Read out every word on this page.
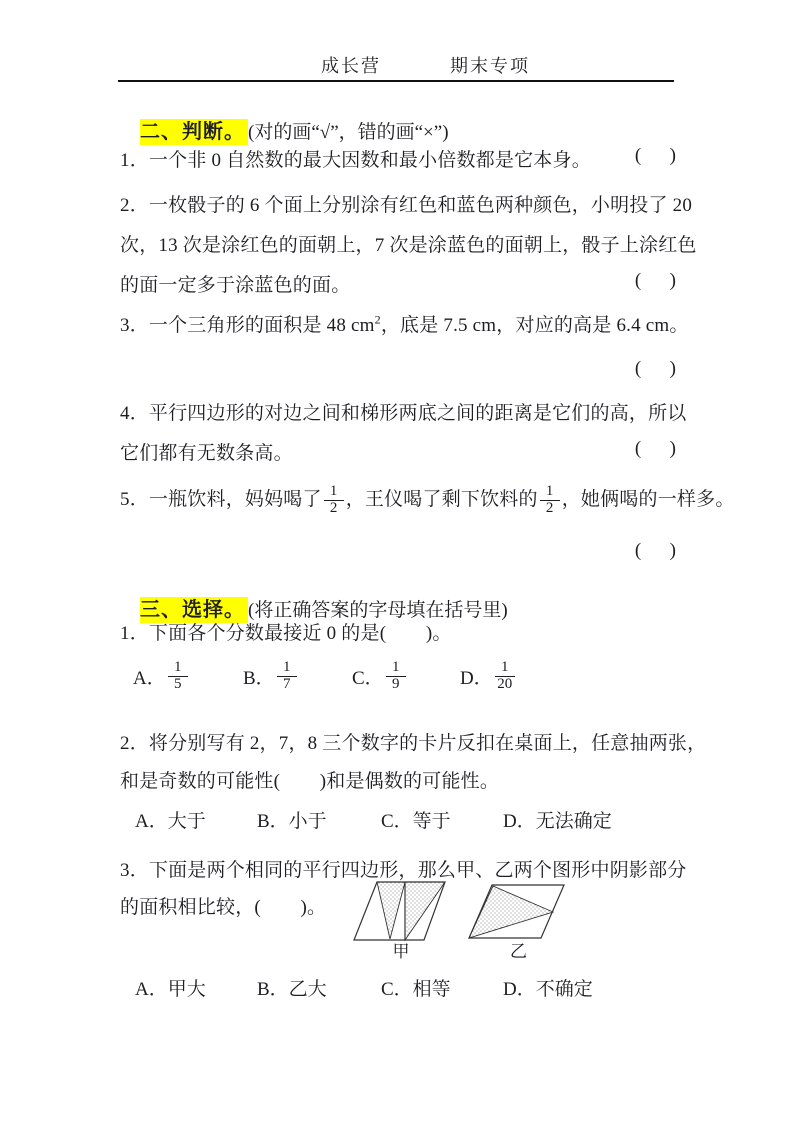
成长营	期末专项

二、判断。 (对的画“√”，错的画“×”)

1．一个非 0 自然数的最大因数和最小倍数都是它本身。 (      )
2．一枚骰子的 6 个面上分别涂有红色和蓝色两种颜色，小明投了 20
次，13 次是涂红色的面朝上，7 次是涂蓝色的面朝上，骰子上涂红色
的面一定多于涂蓝色的面。	(      )
3．一个三角形的面积是 48 $cm^2$，底是 7.5 cm，对应的高是 6.4 cm。
(      )
4．平行四边形的对边之间和梯形两底之间的距离是它们的高，所以
它们都有无数条高。	(      )
5．一瓶饮料，妈妈喝了 $\frac{1}{2}$ ，王仪喝了剩下饮料的 $\frac{1}{2}$ ，她俩喝的一样多。
(      )

三、选择。 (将正确答案的字母填在括号里)

1．下面各个分数最接近 0 的是(        )。
A． $\frac{1}{5}$	B． $\frac{1}{7}$	C． $\frac{1}{9}$	D． $\frac{1}{20}$
2．将分别写有 2，7，8 三个数字的卡片反扣在桌面上，任意抽两张，
和是奇数的可能性(        )和是偶数的可能性。
A．大于	B．小于	C．等于	D．无法确定
3．下面是两个相同的平行四边形，那么甲、乙两个图形中阴影部分
的面积相比较，(        )。
甲	乙
A．甲大	B．乙大	C．相等	D．不确定
